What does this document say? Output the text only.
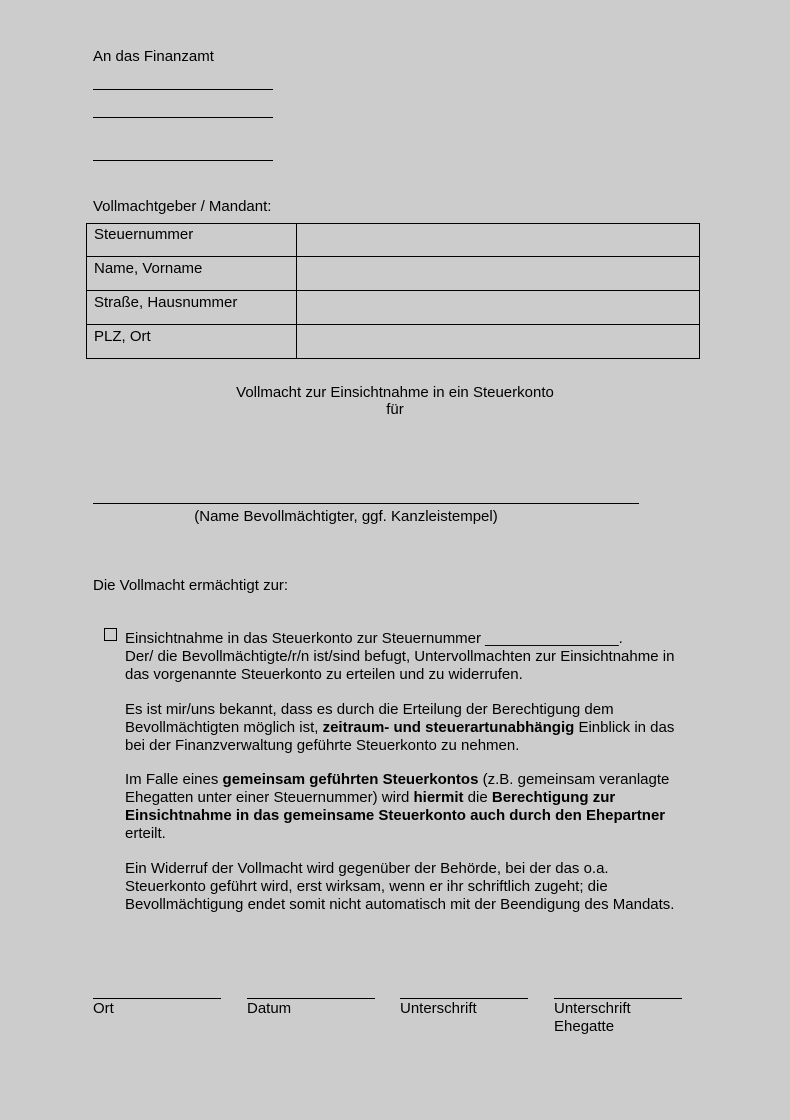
An das Finanzamt
Vollmachtgeber / Mandant:
Steuernummer	
Name, Vorname	
Straße, Hausnummer	
PLZ, Ort	
Vollmacht zur Einsichtnahme in ein Steuerkonto
für
(Name Bevollmächtigter, ggf. Kanzleistempel)
Die Vollmacht ermächtigt zur:
Einsichtnahme in das Steuerkonto zur Steuernummer ________________.
Der/ die Bevollmächtigte/r/n ist/sind befugt, Untervollmachten zur Einsichtnahme in
das vorgenannte Steuerkonto zu erteilen und zu widerrufen.
Es ist mir/uns bekannt, dass es durch die Erteilung der Berechtigung dem
Bevollmächtigten möglich ist, zeitraum- und steuerartunabhängig Einblick in das
bei der Finanzverwaltung geführte Steuerkonto zu nehmen.
Im Falle eines gemeinsam geführten Steuerkontos (z.B. gemeinsam veranlagte
Ehegatten unter einer Steuernummer) wird hiermit die Berechtigung zur
Einsichtnahme in das gemeinsame Steuerkonto auch durch den Ehepartner
erteilt.
Ein Widerruf der Vollmacht wird gegenüber der Behörde, bei der das o.a.
Steuerkonto geführt wird, erst wirksam, wenn er ihr schriftlich zugeht; die
Bevollmächtigung endet somit nicht automatisch mit der Beendigung des Mandats.
Ort	Datum	Unterschrift	Unterschrift
Ehegatte
